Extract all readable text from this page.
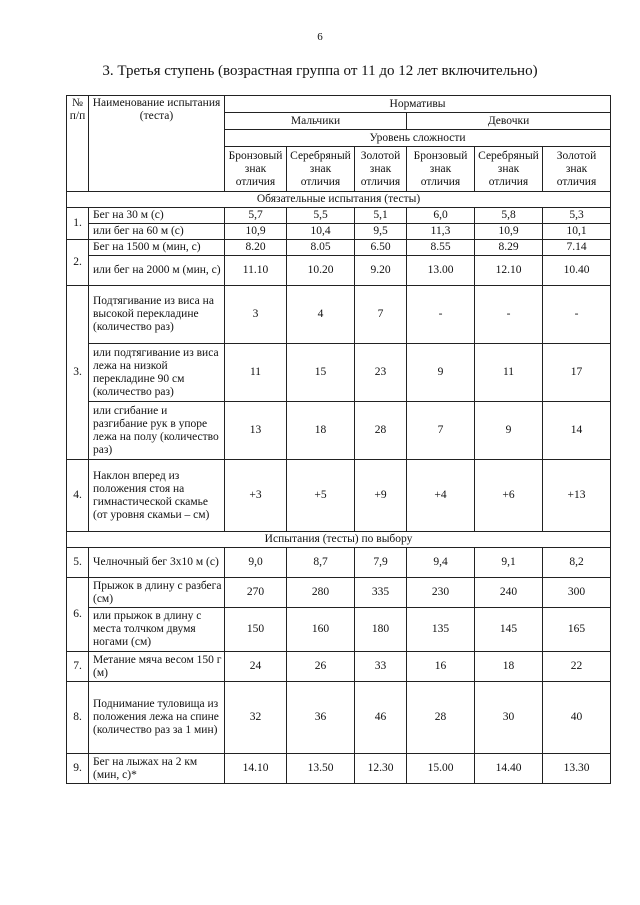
6
3. Третья ступень (возрастная группа от 11 до 12 лет включительно)
№ п/п	Наименование испытания (теста)	Нормативы					
		Мальчики			Девочки		
		Уровень сложности					
		Бронзовый знак отличия	Серебряный знак отличия	Золотой знак отличия	Бронзовый знак отличия	Серебряный знак отличия	Золотой знак отличия
Обязательные испытания (тесты)							
1.	Бег на 30 м (с)	5,7	5,5	5,1	6,0	5,8	5,3
	или бег на 60 м (с)	10,9	10,4	9,5	11,3	10,9	10,1
2.	Бег на 1500 м (мин, с)	8.20	8.05	6.50	8.55	8.29	7.14
	или бег на 2000 м (мин, с)	11.10	10.20	9.20	13.00	12.10	10.40
3.	Подтягивание из виса на высокой перекладине (количество раз)	3	4	7	-	-	-
	или подтягивание из виса лежа на низкой перекладине 90 см (количество раз)	11	15	23	9	11	17
	или сгибание и разгибание рук в упоре лежа на полу (количество раз)	13	18	28	7	9	14
4.	Наклон вперед из положения стоя на гимнастической скамье (от уровня скамьи – см)	+3	+5	+9	+4	+6	+13
Испытания (тесты) по выбору							
5.	Челночный бег 3х10 м (с)	9,0	8,7	7,9	9,4	9,1	8,2
6.	Прыжок в длину с разбега (см)	270	280	335	230	240	300
	или прыжок в длину с места толчком двумя ногами (см)	150	160	180	135	145	165
7.	Метание мяча весом 150 г (м)	24	26	33	16	18	22
8.	Поднимание туловища из положения лежа на спине (количество раз за 1 мин)	32	36	46	28	30	40
9.	Бег на лыжах на 2 км (мин, с)*	14.10	13.50	12.30	15.00	14.40	13.30
